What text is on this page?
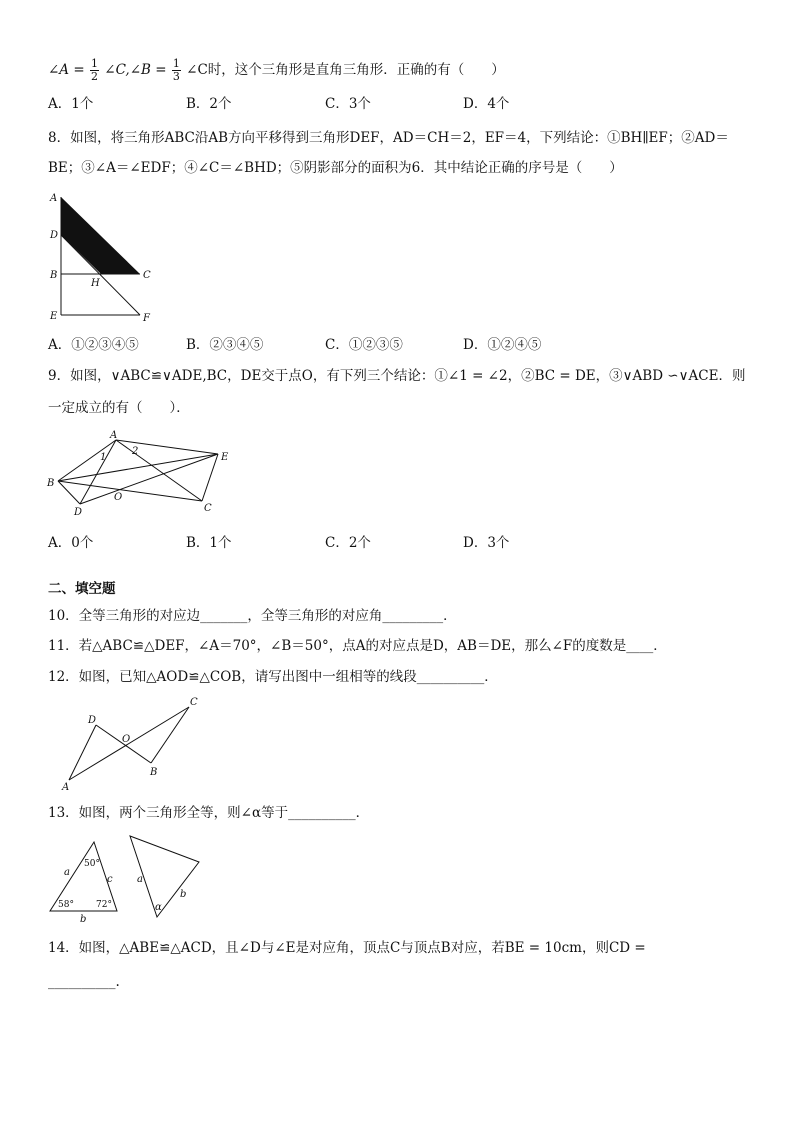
∠A = $\frac{1}{2}$ ∠C,∠B = $\frac{1}{3}$ ∠C时，这个三角形是直角三角形．正确的有（　　）
A．1个	B．2个	C．3个	D．4个
8．如图，将三角形ABC沿AB方向平移得到三角形DEF，AD＝CH＝2，EF＝4，下列结论：①BH∥EF；②AD＝
BE；③∠A＝∠EDF；④∠C＝∠BHD；⑤阴影部分的面积为6．其中结论正确的序号是（　　）
A
D
B	C
H
E	F
A．①②③④⑤	B．②③④⑤	C．①②③⑤	D．①②④⑤
9．如图，∨ABC≌∨ADE,BC，DE交于点O，有下列三个结论：①∠1 = ∠2，②BC = DE，③∨ABD ∽∨ACE．则
一定成立的有（　　）．
A
B
C
D
E
O
1
2
A．0个	B．1个	C．2个	D．3个
二、填空题
10．全等三角形的对应边_______，全等三角形的对应角_________．
11．若△ABC≌△DEF，∠A＝70°，∠B＝50°，点A的对应点是D，AB＝DE，那么∠F的度数是____．
12．如图，已知△AOD≌△COB，请写出图中一组相等的线段__________．
D
A
O
B
C
13．如图，两个三角形全等，则∠α等于__________．
a
c
b
50°
58° 72°
a
b
α
14．如图，△ABE≌△ACD，且∠D与∠E是对应角，顶点C与顶点B对应，若BE = 10cm，则CD =
__________.
